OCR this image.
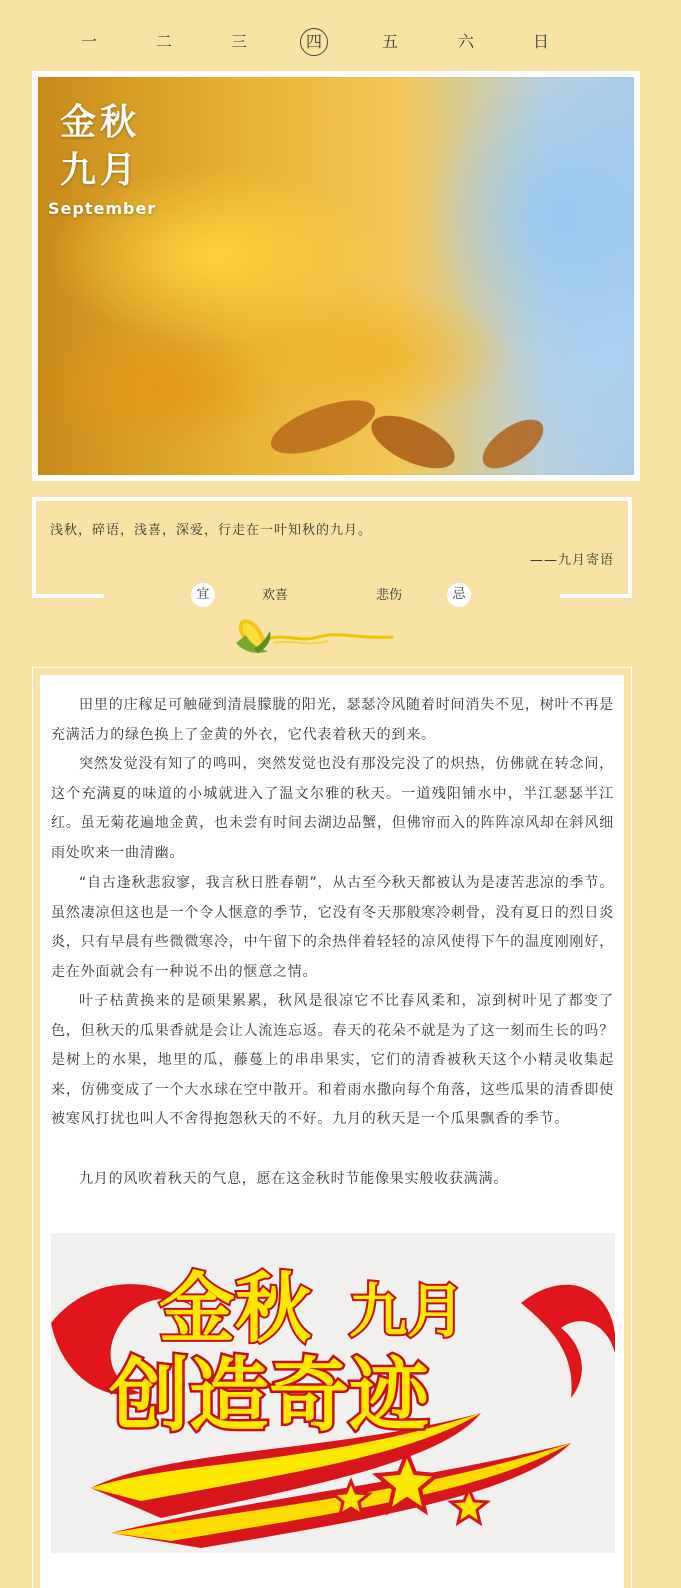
一	二	三	四	五	六	日
金秋
九月
September
浅秋，碎语，浅喜，深爱，行走在一叶知秋的九月。
——九月寄语
宜	欢喜	悲伤	忌

田里的庄稼足可触碰到清晨朦胧的阳光，瑟瑟冷风随着时间消失不见，树叶不再是充满活力的绿色换上了金黄的外衣，它代表着秋天的到来。

突然发觉没有知了的鸣叫，突然发觉也没有那没完没了的炽热，仿佛就在转念间，这个充满夏的味道的小城就进入了温文尔雅的秋天。一道残阳铺水中，半江瑟瑟半江红。虽无菊花遍地金黄，也未尝有时间去湖边品蟹，但佛帘而入的阵阵凉风却在斜风细雨处吹来一曲清幽。

“自古逢秋悲寂寥，我言秋日胜春朝”，从古至今秋天都被认为是凄苦悲凉的季节。虽然凄凉但这也是一个令人惬意的季节，它没有冬天那般寒冷刺骨，没有夏日的烈日炎炎，只有早晨有些微微寒冷，中午留下的余热伴着轻轻的凉风使得下午的温度刚刚好，走在外面就会有一种说不出的惬意之情。

叶子枯黄换来的是硕果累累，秋风是很凉它不比春风柔和，凉到树叶见了都变了色，但秋天的瓜果香就是会让人流连忘返。春天的花朵不就是为了这一刻而生长的吗？是树上的水果，地里的瓜，藤蔓上的串串果实，它们的清香被秋天这个小精灵收集起来，仿佛变成了一个大水球在空中散开。和着雨水撒向每个角落，这些瓜果的清香即使被寒风打扰也叫人不舍得抱怨秋天的不好。九月的秋天是一个瓜果飘香的季节。

九月的风吹着秋天的气息，愿在这金秋时节能像果实般收获满满。

金秋 九月
创造奇迹
